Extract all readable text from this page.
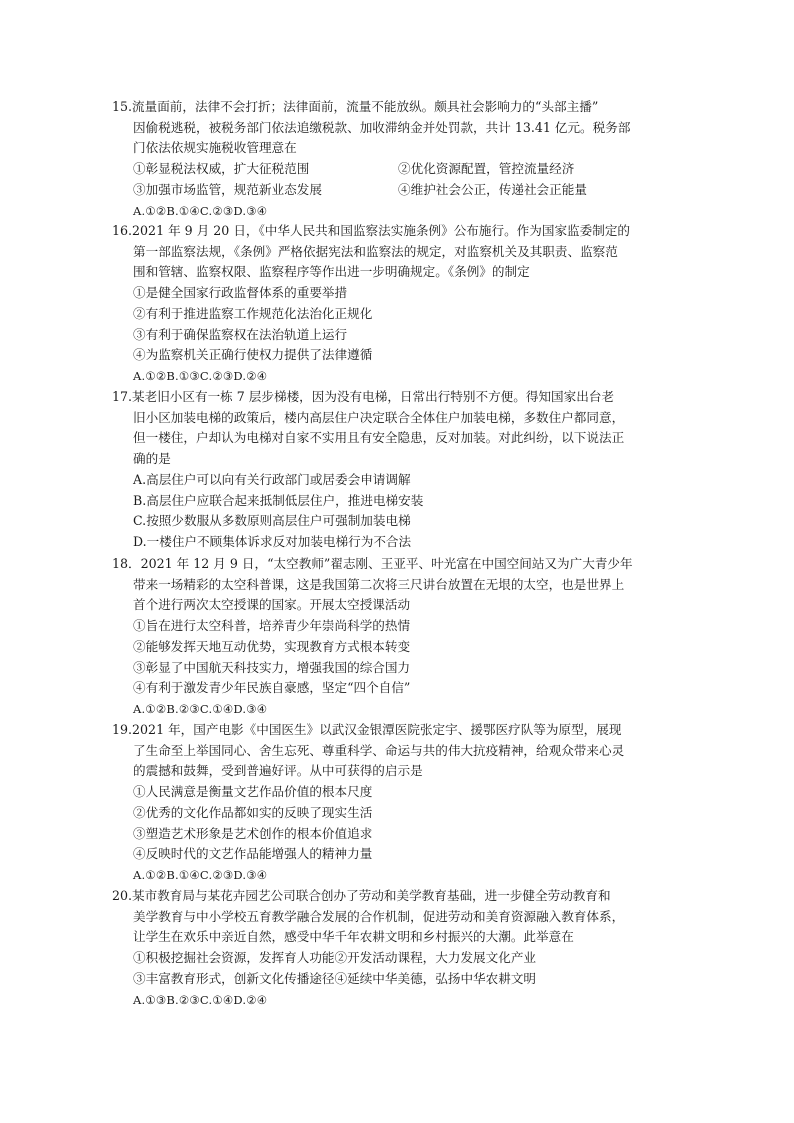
15.流量面前，法律不会打折；法律面前，流量不能放纵。颇具社会影响力的“头部主播”
因偷税逃税，被税务部门依法追缴税款、加收滞纳金并处罚款，共计 13.41 亿元。税务部
门依法依规实施税收管理意在
①彰显税法权威，扩大征税范围	②优化资源配置，管控流量经济
③加强市场监管，规范新业态发展	④维护社会公正，传递社会正能量
A.①②B.①④C.②③D.③④
16.2021 年 9 月 20 日，《中华人民共和国监察法实施条例》公布施行。作为国家监委制定的
第一部监察法规，《条例》严格依据宪法和监察法的规定，对监察机关及其职责、监察范
围和管辖、监察权限、监察程序等作出进一步明确规定。《条例》的制定
①是健全国家行政监督体系的重要举措
②有利于推进监察工作规范化法治化正规化
③有利于确保监察权在法治轨道上运行
④为监察机关正确行使权力提供了法律遵循
A.①②B.①③C.②③D.②④
17.某老旧小区有一栋 7 层步梯楼，因为没有电梯，日常出行特别不方便。得知国家出台老
旧小区加装电梯的政策后，楼内高层住户决定联合全体住户加装电梯，多数住户都同意，
但一楼住，户却认为电梯对自家不实用且有安全隐患，反对加装。对此纠纷，以下说法正
确的是
A.高层住户可以向有关行政部门或居委会申请调解
B.高层住户应联合起来抵制低层住户，推进电梯安装
C.按照少数服从多数原则高层住户可强制加装电梯
D.一楼住户不顾集体诉求反对加装电梯行为不合法
18．2021 年 12 月 9 日，“太空教师”翟志刚、王亚平、叶光富在中国空间站又为广大青少年
带来一场精彩的太空科普课，这是我国第二次将三尺讲台放置在无垠的太空，也是世界上
首个进行两次太空授课的国家。开展太空授课活动
①旨在进行太空科普，培养青少年崇尚科学的热情
②能够发挥天地互动优势，实现教育方式根本转变
③彰显了中国航天科技实力，增强我国的综合国力
④有利于激发青少年民族自豪感，坚定“四个自信”
A.①②B.②③C.①④D.③④
19.2021 年，国产电影《中国医生》以武汉金银潭医院张定宇、援鄂医疗队等为原型，展现
了生命至上举国同心、舍生忘死、尊重科学、命运与共的伟大抗疫精神，给观众带来心灵
的震撼和鼓舞，受到普遍好评。从中可获得的启示是
①人民满意是衡量文艺作品价值的根本尺度
②优秀的文化作品都如实的反映了现实生活
③塑造艺术形象是艺术创作的根本价值追求
④反映时代的文艺作品能增强人的精神力量
A.①②B.①④C.②③D.③④
20.某市教育局与某花卉园艺公司联合创办了劳动和美学教育基础，进一步健全劳动教育和
美学教育与中小学校五育教学融合发展的合作机制，促进劳动和美育资源融入教育体系，
让学生在欢乐中亲近自然，感受中华千年农耕文明和乡村振兴的大潮。此举意在
①积极挖掘社会资源，发挥育人功能②开发活动课程，大力发展文化产业
③丰富教育形式，创新文化传播途径④延续中华美德，弘扬中华农耕文明
A.①③B.②③C.①④D.②④
